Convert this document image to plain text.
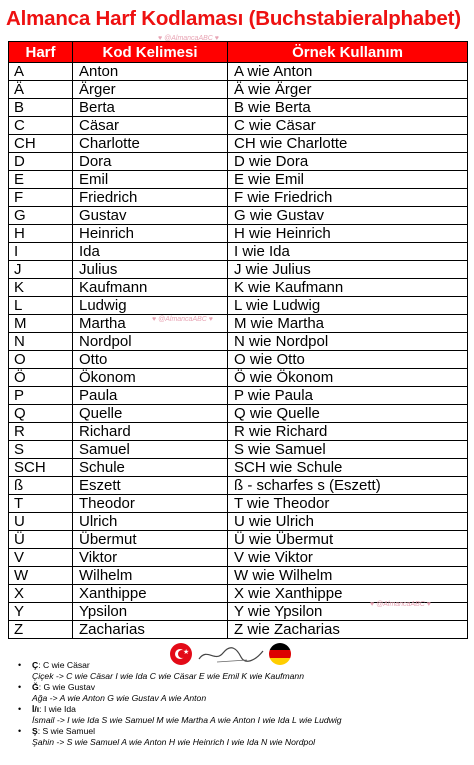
Almanca Harf Kodlaması (Buchstabieralphabet)
♥ @AlmancaABC ♥
Harf	Kod Kelimesi	Örnek Kullanım
A	Anton	A wie Anton
Ä	Ärger	Ä wie Ärger
B	Berta	B wie Berta
C	Cäsar	C wie Cäsar
CH	Charlotte	CH wie Charlotte
D	Dora	D wie Dora
E	Emil	E wie Emil
F	Friedrich	F wie Friedrich
G	Gustav	G wie Gustav
H	Heinrich	H wie Heinrich
I	Ida	I wie Ida
J	Julius	J wie Julius
K	Kaufmann	K wie Kaufmann
L	Ludwig	L wie Ludwig
M	Martha	M wie Martha
N	Nordpol	N wie Nordpol
O	Otto	O wie Otto
Ö	Ökonom	Ö wie Ökonom
P	Paula	P wie Paula
Q	Quelle	Q wie Quelle
R	Richard	R wie Richard
S	Samuel	S wie Samuel
SCH	Schule	SCH wie Schule
ß	Eszett	ß - scharfes s (Eszett)
T	Theodor	T wie Theodor
U	Ulrich	U wie Ulrich
Ü	Übermut	Ü wie Übermut
V	Viktor	V wie Viktor
W	Wilhelm	W wie Wilhelm
X	Xanthippe	X wie Xanthippe
Y	Ypsilon	Y wie Ypsilon
Z	Zacharias	Z wie Zacharias
♥ @AlmancaABC ♥
♥ @AlmancaABC ♥
★
• Ç: C wie Cäsar
Çiçek -> C wie Cäsar I wie Ida C wie Cäsar E wie Emil K wie Kaufmann
• Ğ: G wie Gustav
Ağa -> A wie Anton G wie Gustav A wie Anton
• İ/ı: I wie Ida
İsmail -> I wie Ida S wie Samuel M wie Martha A wie Anton I wie Ida L wie Ludwig
• Ş: S wie Samuel
Şahin -> S wie Samuel A wie Anton H wie Heinrich I wie Ida N wie Nordpol
